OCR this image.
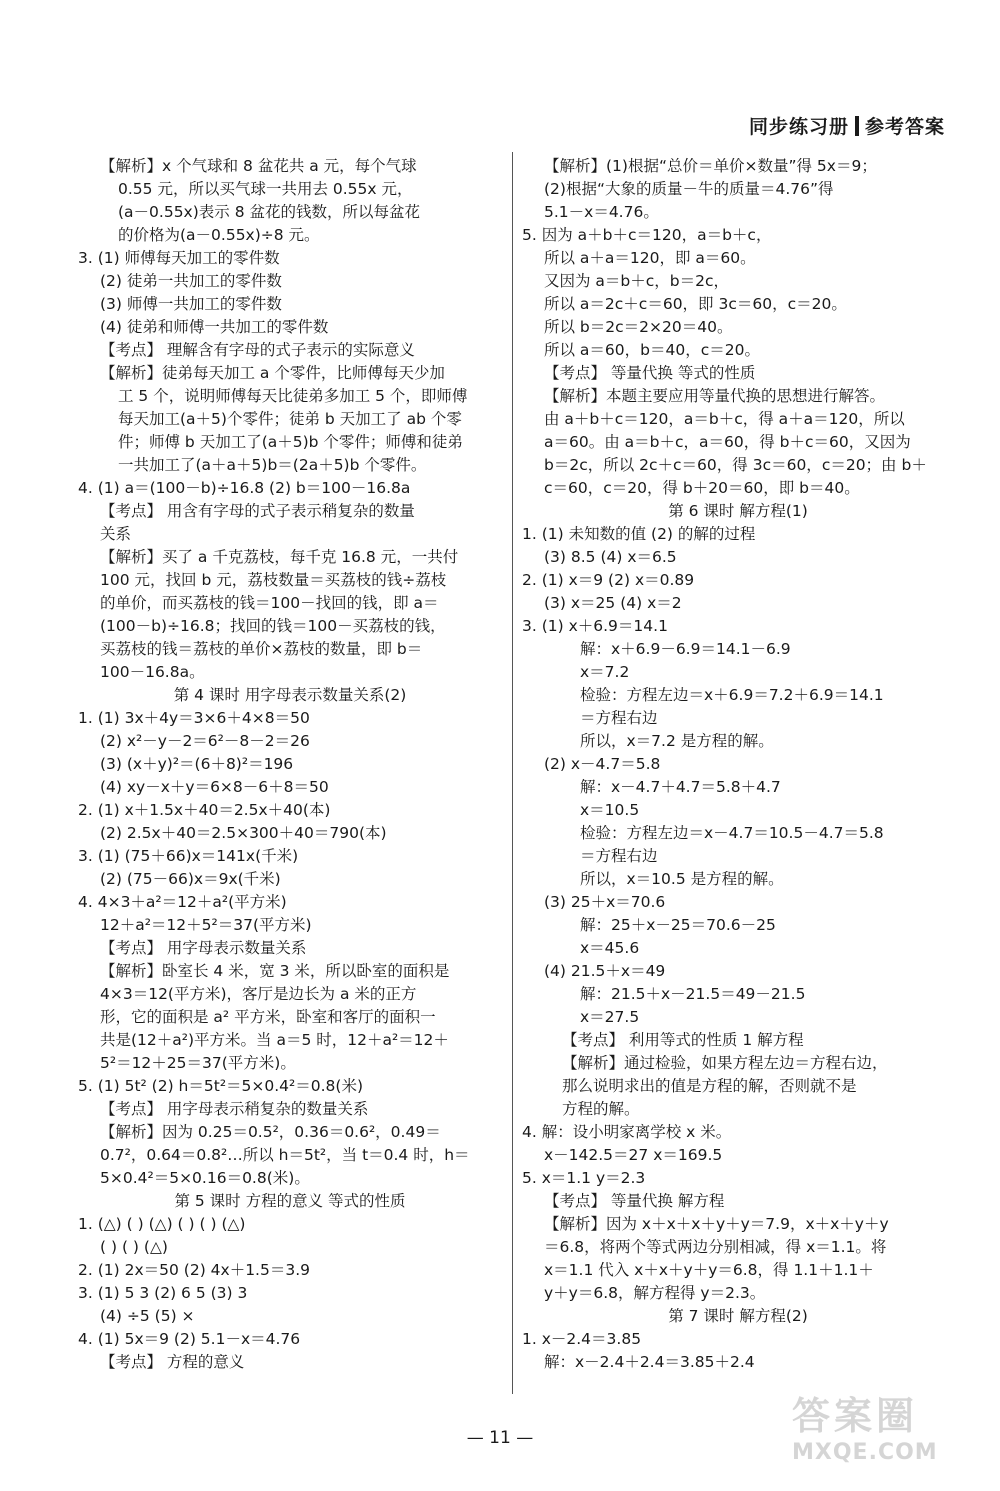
同步练习册 参考答案
【解析】x 个气球和 8 盆花共 a 元，每个气球
0.55 元，所以买气球一共用去 0.55x 元，
(a－0.55x)表示 8 盆花的钱数，所以每盆花
的价格为(a－0.55x)÷8 元。
3. (1) 师傅每天加工的零件数
(2) 徒弟一共加工的零件数
(3) 师傅一共加工的零件数
(4) 徒弟和师傅一共加工的零件数
【考点】 理解含有字母的式子表示的实际意义
【解析】徒弟每天加工 a 个零件，比师傅每天少加
工 5 个，说明师傅每天比徒弟多加工 5 个，即师傅
每天加工(a＋5)个零件；徒弟 b 天加工了 ab 个零
件；师傅 b 天加工了(a＋5)b 个零件；师傅和徒弟
一共加工了(a＋a＋5)b＝(2a＋5)b 个零件。
4. (1) a＝(100－b)÷16.8 (2) b＝100－16.8a
【考点】 用含有字母的式子表示稍复杂的数量
关系
【解析】买了 a 千克荔枝，每千克 16.8 元，一共付
100 元，找回 b 元，荔枝数量＝买荔枝的钱÷荔枝
的单价，而买荔枝的钱＝100－找回的钱，即 a＝
(100－b)÷16.8；找回的钱＝100－买荔枝的钱，
买荔枝的钱＝荔枝的单价×荔枝的数量，即 b＝
100－16.8a。
第 4 课时 用字母表示数量关系(2)
1. (1) 3x＋4y＝3×6＋4×8＝50
(2) x²－y－2＝6²－8－2＝26
(3) (x＋y)²＝(6＋8)²＝196
(4) xy－x＋y＝6×8－6＋8＝50
2. (1) x＋1.5x＋40＝2.5x＋40(本)
(2) 2.5x＋40＝2.5×300＋40＝790(本)
3. (1) (75＋66)x＝141x(千米)
(2) (75－66)x＝9x(千米)
4. 4×3＋a²＝12＋a²(平方米)
12＋a²＝12＋5²＝37(平方米)
【考点】 用字母表示数量关系
【解析】卧室长 4 米，宽 3 米，所以卧室的面积是
4×3＝12(平方米)，客厅是边长为 a 米的正方
形，它的面积是 a² 平方米，卧室和客厅的面积一
共是(12＋a²)平方米。当 a＝5 时，12＋a²＝12＋
5²＝12＋25＝37(平方米)。
5. (1) 5t² (2) h＝5t²＝5×0.4²＝0.8(米)
【考点】 用字母表示稍复杂的数量关系
【解析】因为 0.25＝0.5²，0.36＝0.6²，0.49＝
0.7²，0.64＝0.8²…所以 h＝5t²，当 t＝0.4 时，h＝
5×0.4²＝5×0.16＝0.8(米)。
第 5 课时 方程的意义 等式的性质
1. (△) ( ) (△) ( ) ( ) (△)
( ) ( ) (△)
2. (1) 2x＝50 (2) 4x＋1.5＝3.9
3. (1) 5 3 (2) 6 5 (3) 3
(4) ÷5 (5) ×
4. (1) 5x＝9 (2) 5.1－x＝4.76
【考点】 方程的意义
【解析】(1)根据“总价＝单价×数量”得 5x＝9；
(2)根据“大象的质量－牛的质量＝4.76”得
5.1－x＝4.76。
5. 因为 a＋b＋c＝120，a＝b＋c，
所以 a＋a＝120，即 a＝60。
又因为 a＝b＋c，b＝2c，
所以 a＝2c＋c＝60，即 3c＝60，c＝20。
所以 b＝2c＝2×20＝40。
所以 a＝60，b＝40，c＝20。
【考点】 等量代换 等式的性质
【解析】本题主要应用等量代换的思想进行解答。
由 a＋b＋c＝120，a＝b＋c，得 a＋a＝120，所以
a＝60。由 a＝b＋c，a＝60，得 b＋c＝60，又因为
b＝2c，所以 2c＋c＝60，得 3c＝60，c＝20；由 b＋
c＝60，c＝20，得 b＋20＝60，即 b＝40。
第 6 课时 解方程(1)
1. (1) 未知数的值 (2) 的解的过程
(3) 8.5 (4) x＝6.5
2. (1) x＝9 (2) x＝0.89
(3) x＝25 (4) x＝2
3. (1) x＋6.9＝14.1
解：x＋6.9－6.9＝14.1－6.9
x＝7.2
检验：方程左边＝x＋6.9＝7.2＋6.9＝14.1
＝方程右边
所以，x＝7.2 是方程的解。
(2) x－4.7＝5.8
解：x－4.7＋4.7＝5.8＋4.7
x＝10.5
检验：方程左边＝x－4.7＝10.5－4.7＝5.8
＝方程右边
所以，x＝10.5 是方程的解。
(3) 25＋x＝70.6
解：25＋x－25＝70.6－25
x＝45.6
(4) 21.5＋x＝49
解：21.5＋x－21.5＝49－21.5
x＝27.5
【考点】 利用等式的性质 1 解方程
【解析】通过检验，如果方程左边＝方程右边，
那么说明求出的值是方程的解，否则就不是
方程的解。
4. 解：设小明家离学校 x 米。
x－142.5＝27 x＝169.5
5. x＝1.1 y＝2.3
【考点】 等量代换 解方程
【解析】因为 x＋x＋x＋y＋y＝7.9，x＋x＋y＋y
＝6.8，将两个等式两边分别相减，得 x＝1.1。将
x＝1.1 代入 x＋x＋y＋y＝6.8，得 1.1＋1.1＋
y＋y＝6.8，解方程得 y＝2.3。
第 7 课时 解方程(2)
1. x－2.4＝3.85
解：x－2.4＋2.4＝3.85＋2.4
— 11 —	答案圈
MXQE.COM
